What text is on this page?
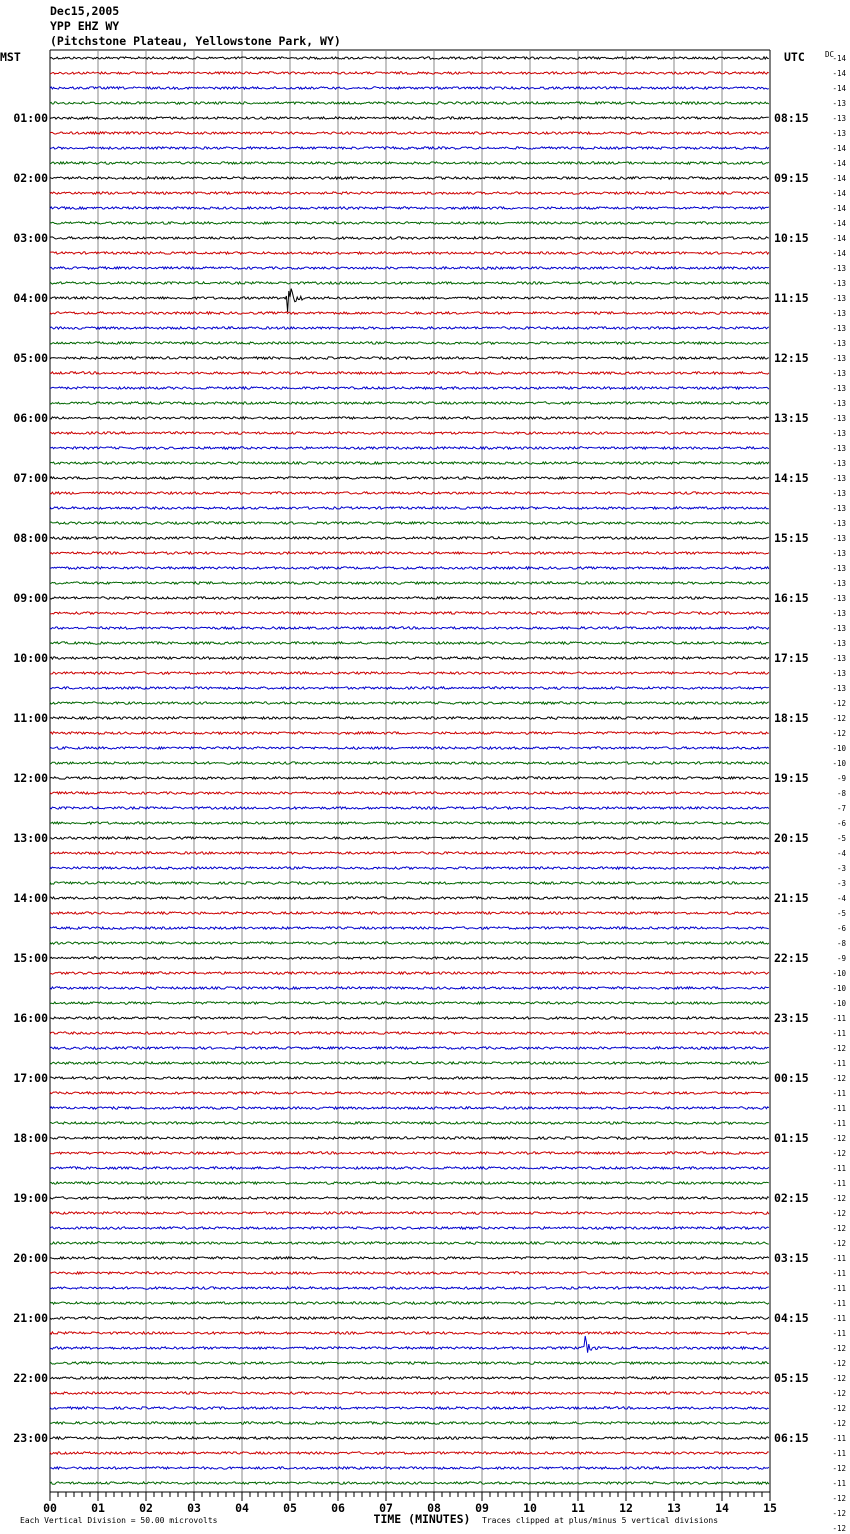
Dec15,2005
YPP EHZ WY
(Pitchstone Plateau, Yellowstone Park, WY)
MST	UTC	DC
01:00
02:00
03:00
04:00
05:00
06:00
07:00
08:00
09:00
10:00
11:00
12:00
13:00
14:00
15:00
16:00
17:00
18:00
19:00
20:00
21:00
22:00
23:00
08:15
09:15
10:15
11:15
12:15
13:15
14:15
15:15
16:15
17:15
18:15
19:15
20:15
21:15
22:15
23:15
00:15
01:15
02:15
03:15
04:15
05:15
06:15
-14
-14
-14
-13
-13
-13
-14
-14
-14
-14
-14
-14
-14
-14
-13
-13
-13
-13
-13
-13
-13
-13
-13
-13
-13
-13
-13
-13
-13
-13
-13
-13
-13
-13
-13
-13
-13
-13
-13
-13
-13
-13
-13
-12
-12
-12
-10
-10
-9
-8
-7
-6
-5
-4
-3
-3
-4
-5
-6
-8
-9
-10
-10
-10
-11
-11
-12
-11
-12
-11
-11
-11
-12
-12
-11
-11
-12
-12
-12
-12
-11
-11
-11
-11
-11
-11
-12
-12
-12
-12
-12
-12
-11
-11
-12
-11
-12
-12
-12
00	01	02	03	04	05	06	07	08	09	10	11	12	13	14	15
TIME (MINUTES)
Each Vertical Division = 50.00 microvolts	Traces clipped at plus/minus 5 vertical divisions
